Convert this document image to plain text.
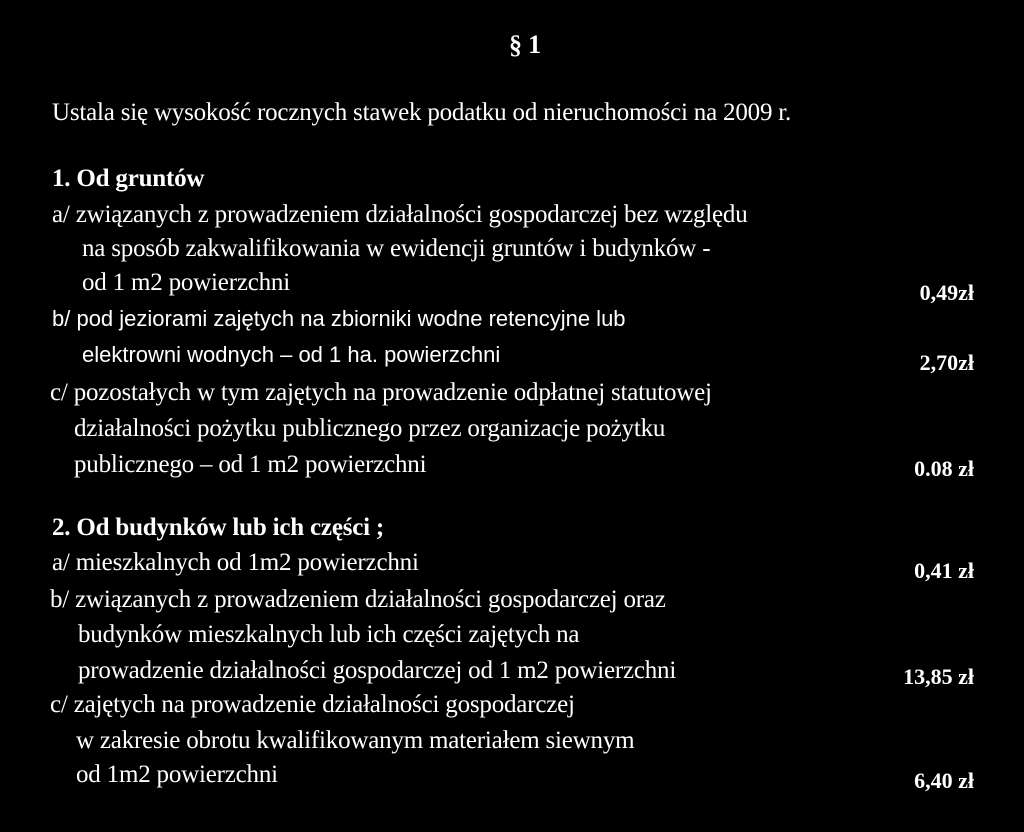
§ 1
Ustala się wysokość rocznych stawek podatku od nieruchomości na 2009 r.
1. Od gruntów
a/ związanych z prowadzeniem działalności gospodarczej bez względu
na sposób zakwalifikowania w ewidencji gruntów i budynków -
od 1 m2 powierzchni	0,49zł
b/ pod jeziorami zajętych na zbiorniki wodne retencyjne lub
elektrowni wodnych – od 1 ha. powierzchni	2,70zł
c/ pozostałych w tym zajętych na prowadzenie odpłatnej statutowej
działalności pożytku publicznego przez organizacje pożytku
publicznego – od 1 m2 powierzchni	0.08 zł
2. Od budynków lub ich części ;
a/ mieszkalnych od 1m2 powierzchni	0,41 zł
b/ związanych z prowadzeniem działalności gospodarczej oraz
budynków mieszkalnych lub ich części zajętych na
prowadzenie działalności gospodarczej od 1 m2 powierzchni	13,85 zł
c/ zajętych na prowadzenie działalności gospodarczej
w zakresie obrotu kwalifikowanym materiałem siewnym
od 1m2 powierzchni	6,40 zł
